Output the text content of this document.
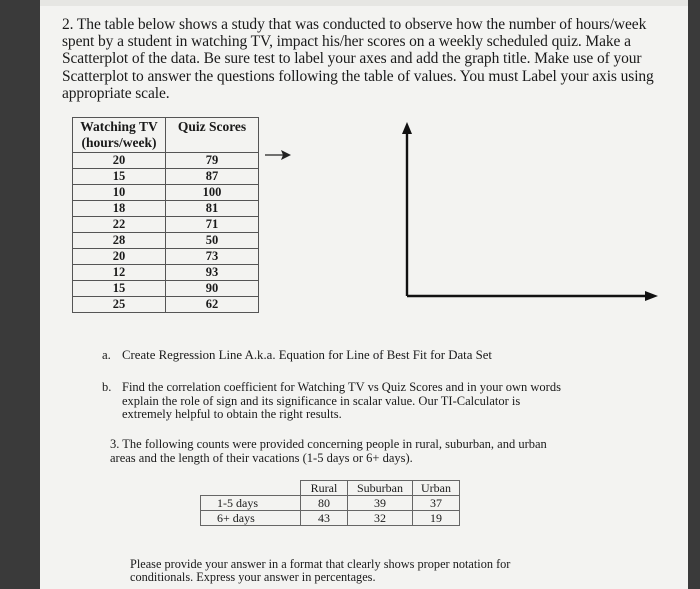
2. The table below shows a study that was conducted to observe how the number of hours/week
spent by a student in watching TV, impact his/her scores on a weekly scheduled quiz. Make a
Scatterplot of the data. Be sure test to label your axes and add the graph title. Make use of your
Scatterplot to answer the questions following the table of values. You must Label your axis using
appropriate scale.
Watching TV
(hours/week)	Quiz Scores
20	79
15	87
10	100
18	81
22	71
28	50
20	73
12	93
15	90
25	62
a. Create Regression Line A.k.a. Equation for Line of Best Fit for Data Set
b. Find the correlation coefficient for Watching TV vs Quiz Scores and in your own words
explain the role of sign and its significance in scalar value. Our TI-Calculator is
extremely helpful to obtain the right results.
3. The following counts were provided concerning people in rural, suburban, and urban
areas and the length of their vacations (1-5 days or 6+ days).
	Rural	Suburban	Urban
1-5 days	80	39	37
6+ days	43	32	19
Please provide your answer in a format that clearly shows proper notation for
conditionals. Express your answer in percentages.
